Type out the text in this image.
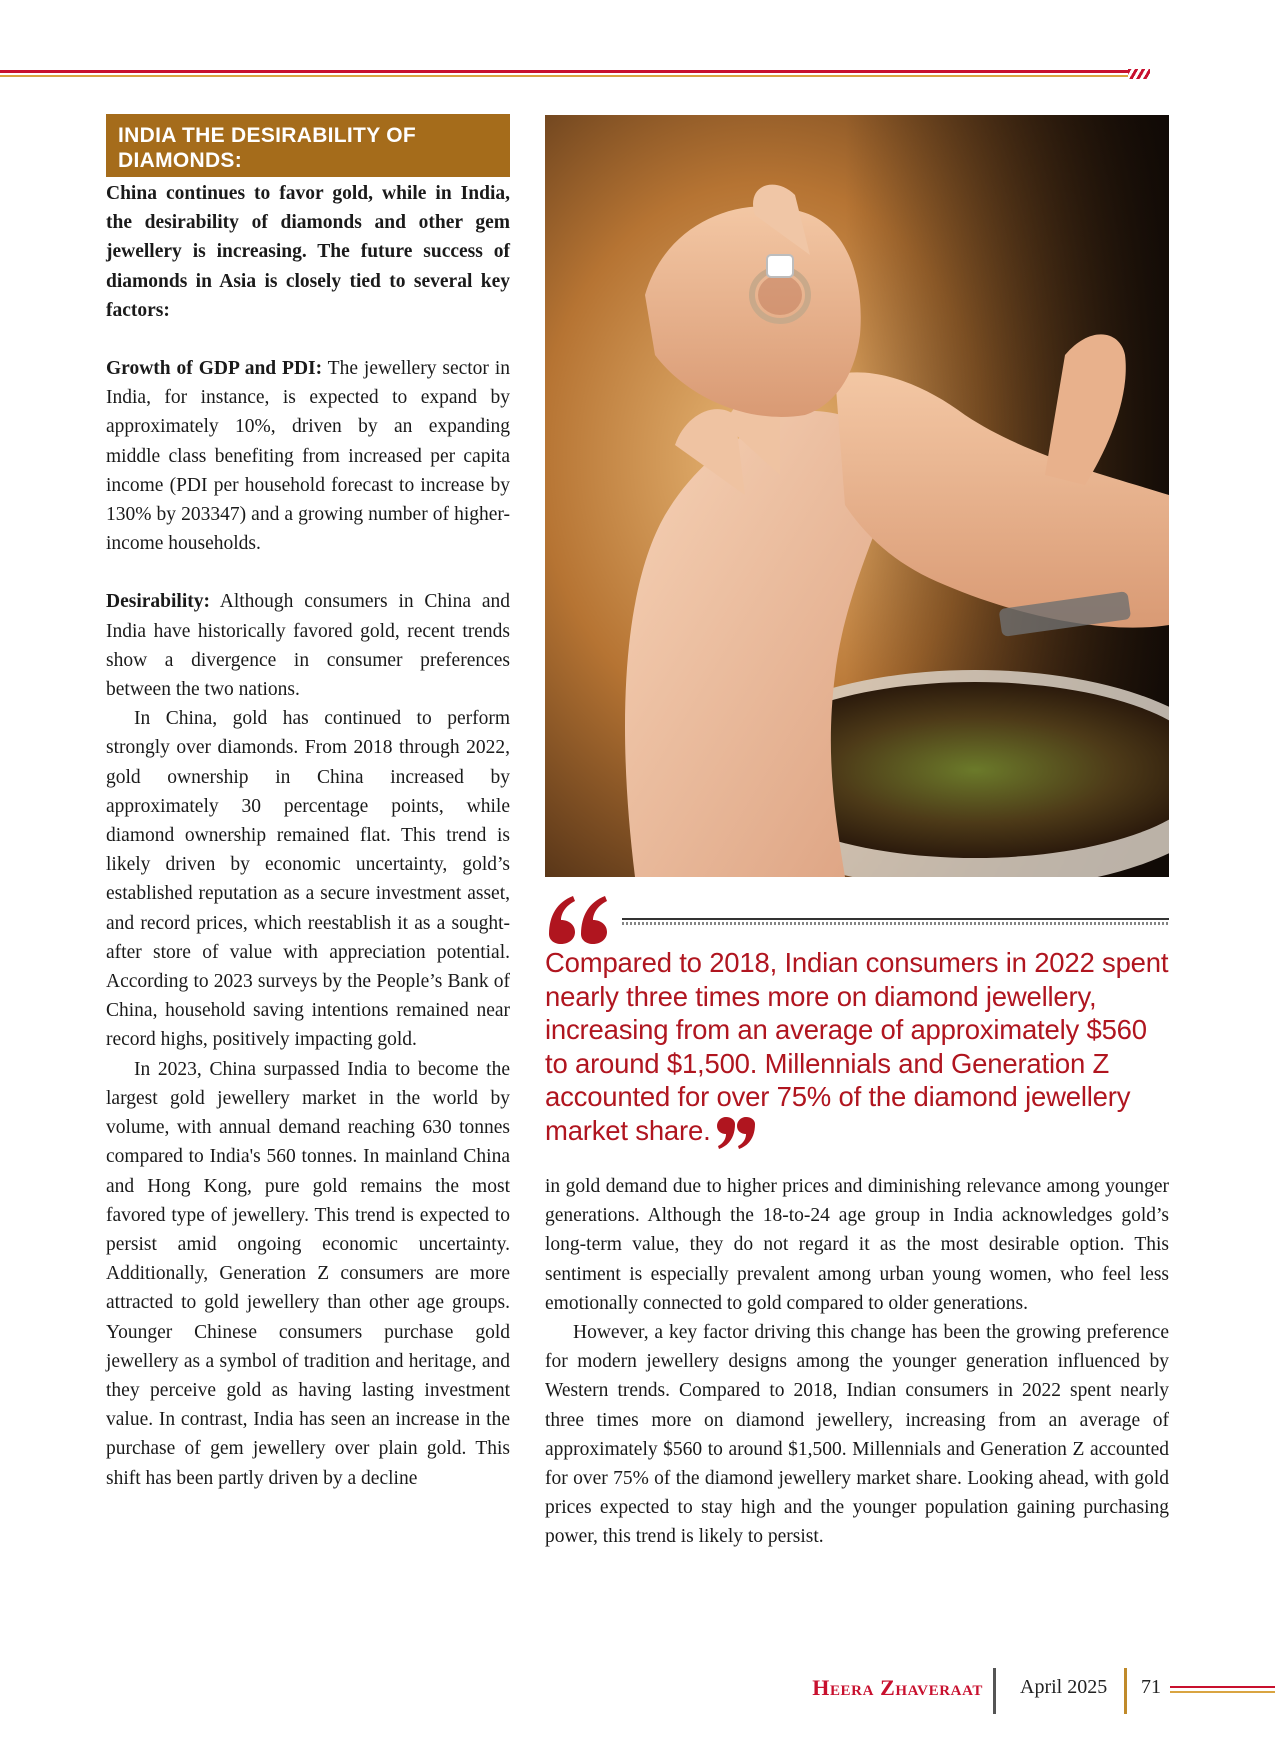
INDIA THE DESIRABILITY OF DIAMONDS:

China continues to favor gold, while in India, the desirability of diamonds and other gem jewellery is increasing. The future success of diamonds in Asia is closely tied to several key factors:

Growth of GDP and PDI: The jewellery sector in India, for instance, is expected to expand by approximately 10%, driven by an expanding middle class benefiting from increased per capita income (PDI per household forecast to increase by 130% by 203347) and a growing number of higher-income households.

Desirability: Although consumers in China and India have historically favored gold, recent trends show a divergence in consumer preferences between the two nations.

In China, gold has continued to perform strongly over diamonds. From 2018 through 2022, gold ownership in China increased by approximately 30 percentage points, while diamond ownership remained flat. This trend is likely driven by economic uncertainty, gold’s established reputation as a secure investment asset, and record prices, which reestablish it as a sought-after store of value with appreciation potential. According to 2023 surveys by the People’s Bank of China, household saving intentions remained near record highs, positively impacting gold.

In 2023, China surpassed India to become the largest gold jewellery market in the world by volume, with annual demand reaching 630 tonnes compared to India's 560 tonnes. In mainland China and Hong Kong, pure gold remains the most favored type of jewellery. This trend is expected to persist amid ongoing economic uncertainty. Additionally, Generation Z consumers are more attracted to gold jewellery than other age groups. Younger Chinese consumers purchase gold jewellery as a symbol of tradition and heritage, and they perceive gold as having lasting investment value. In contrast, India has seen an increase in the purchase of gem jewellery over plain gold. This shift has been partly driven by a decline

Compared to 2018, Indian consumers in 2022 spent nearly three times more on diamond jewellery, increasing from an average of approximately $560 to around $1,500. Millennials and Generation Z accounted for over 75% of the diamond jewellery market share.

in gold demand due to higher prices and diminishing relevance among younger generations. Although the 18-to-24 age group in India acknowledges gold’s long-term value, they do not regard it as the most desirable option. This sentiment is especially prevalent among urban young women, who feel less emotionally connected to gold compared to older generations.

However, a key factor driving this change has been the growing preference for modern jewellery designs among the younger generation influenced by Western trends. Compared to 2018, Indian consumers in 2022 spent nearly three times more on diamond jewellery, increasing from an average of approximately $560 to around $1,500. Millennials and Generation Z accounted for over 75% of the diamond jewellery market share. Looking ahead, with gold prices expected to stay high and the younger population gaining purchasing power, this trend is likely to persist.

Heera Zhaveraat April 2025 71
